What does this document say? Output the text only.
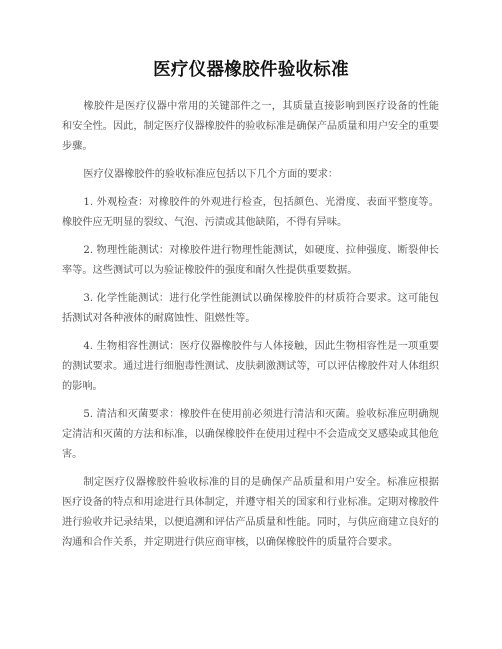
医疗仪器橡胶件验收标准

橡胶件是医疗仪器中常用的关键部件之一，其质量直接影响到医疗设备的性能和安全性。因此，制定医疗仪器橡胶件的验收标准是确保产品质量和用户安全的重要步骤。

医疗仪器橡胶件的验收标准应包括以下几个方面的要求：

1. 外观检查：对橡胶件的外观进行检查，包括颜色、光滑度、表面平整度等。橡胶件应无明显的裂纹、气泡、污渍或其他缺陷，不得有异味。

2. 物理性能测试：对橡胶件进行物理性能测试，如硬度、拉伸强度、断裂伸长率等。这些测试可以为验证橡胶件的强度和耐久性提供重要数据。

3. 化学性能测试：进行化学性能测试以确保橡胶件的材质符合要求。这可能包括测试对各种液体的耐腐蚀性、阻燃性等。

4. 生物相容性测试：医疗仪器橡胶件与人体接触，因此生物相容性是一项重要的测试要求。通过进行细胞毒性测试、皮肤刺激测试等，可以评估橡胶件对人体组织的影响。

5. 清洁和灭菌要求：橡胶件在使用前必须进行清洁和灭菌。验收标准应明确规定清洁和灭菌的方法和标准，以确保橡胶件在使用过程中不会造成交叉感染或其他危害。

制定医疗仪器橡胶件验收标准的目的是确保产品质量和用户安全。标准应根据医疗设备的特点和用途进行具体制定，并遵守相关的国家和行业标准。定期对橡胶件进行验收并记录结果，以便追溯和评估产品质量和性能。同时，与供应商建立良好的沟通和合作关系，并定期进行供应商审核，以确保橡胶件的质量符合要求。
